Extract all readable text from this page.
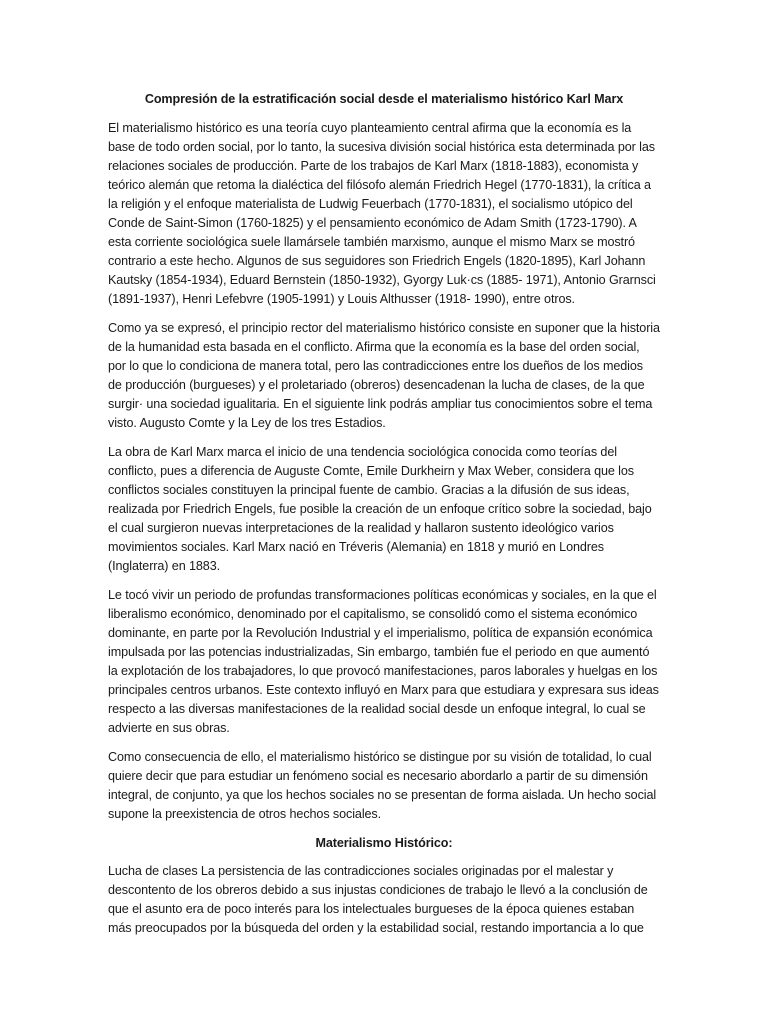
Compresión de la estratificación social desde el materialismo histórico Karl Marx

El materialismo histórico es una teoría cuyo planteamiento central afirma que la economía es la base de todo orden social, por lo tanto, la sucesiva división social histórica esta determinada por las relaciones sociales de producción. Parte de los trabajos de Karl Marx (1818-1883), economista y teórico alemán que retoma la dialéctica del filósofo alemán Friedrich Hegel (1770-1831), la crítica a la religión y el enfoque materialista de Ludwig Feuerbach (1770-1831), el socialismo utópico del Conde de Saint-Simon (1760-1825) y el pensamiento económico de Adam Smith (1723-1790). A esta corriente sociológica suele llamársele también marxismo, aunque el mismo Marx se mostró contrario a este hecho. Algunos de sus seguidores son Friedrich Engels (1820-1895), Karl Johann Kautsky (1854-1934), Eduard Bernstein (1850-1932), Gyorgy Luk·cs (1885- 1971), Antonio Grarnsci (1891-1937), Henri Lefebvre (1905-1991) y Louis Althusser (1918- 1990), entre otros.

Como ya se expresó, el principio rector del materialismo histórico consiste en suponer que la historia de la humanidad esta basada en el conflicto. Afirma que la economía es la base del orden social, por lo que lo condiciona de manera total, pero las contradicciones entre los dueños de los medios de producción (burgueses) y el proletariado (obreros) desencadenan la lucha de clases, de la que surgir· una sociedad igualitaria. En el siguiente link podrás ampliar tus conocimientos sobre el tema visto. Augusto Comte y la Ley de los tres Estadios.

La obra de Karl Marx marca el inicio de una tendencia sociológica conocida como teorías del conflicto, pues a diferencia de Auguste Comte, Emile Durkheirn y Max Weber, considera que los conflictos sociales constituyen la principal fuente de cambio. Gracias a la difusión de sus ideas, realizada por Friedrich Engels, fue posible la creación de un enfoque crítico sobre la sociedad, bajo el cual surgieron nuevas interpretaciones de la realidad y hallaron sustento ideológico varios movimientos sociales. Karl Marx nació en Tréveris (Alemania) en 1818 y murió en Londres (Inglaterra) en 1883.

Le tocó vivir un periodo de profundas transformaciones políticas económicas y sociales, en la que el liberalismo económico, denominado por el capitalismo, se consolidó como el sistema económico dominante, en parte por la Revolución Industrial y el imperialismo, política de expansión económica impulsada por las potencias industrializadas, Sin embargo, también fue el periodo en que aumentó la explotación de los trabajadores, lo que provocó manifestaciones, paros laborales y huelgas en los principales centros urbanos. Este contexto influyó en Marx para que estudiara y expresara sus ideas respecto a las diversas manifestaciones de la realidad social desde un enfoque integral, lo cual se advierte en sus obras.

Como consecuencia de ello, el materialismo histórico se distingue por su visión de totalidad, lo cual quiere decir que para estudiar un fenómeno social es necesario abordarlo a partir de su dimensión integral, de conjunto, ya que los hechos sociales no se presentan de forma aislada. Un hecho social supone la preexistencia de otros hechos sociales.

Materialismo Histórico:

Lucha de clases La persistencia de las contradicciones sociales originadas por el malestar y descontento de los obreros debido a sus injustas condiciones de trabajo le llevó a la conclusión de que el asunto era de poco interés para los intelectuales burgueses de la época quienes estaban más preocupados por la búsqueda del orden y la estabilidad social, restando importancia a lo que
